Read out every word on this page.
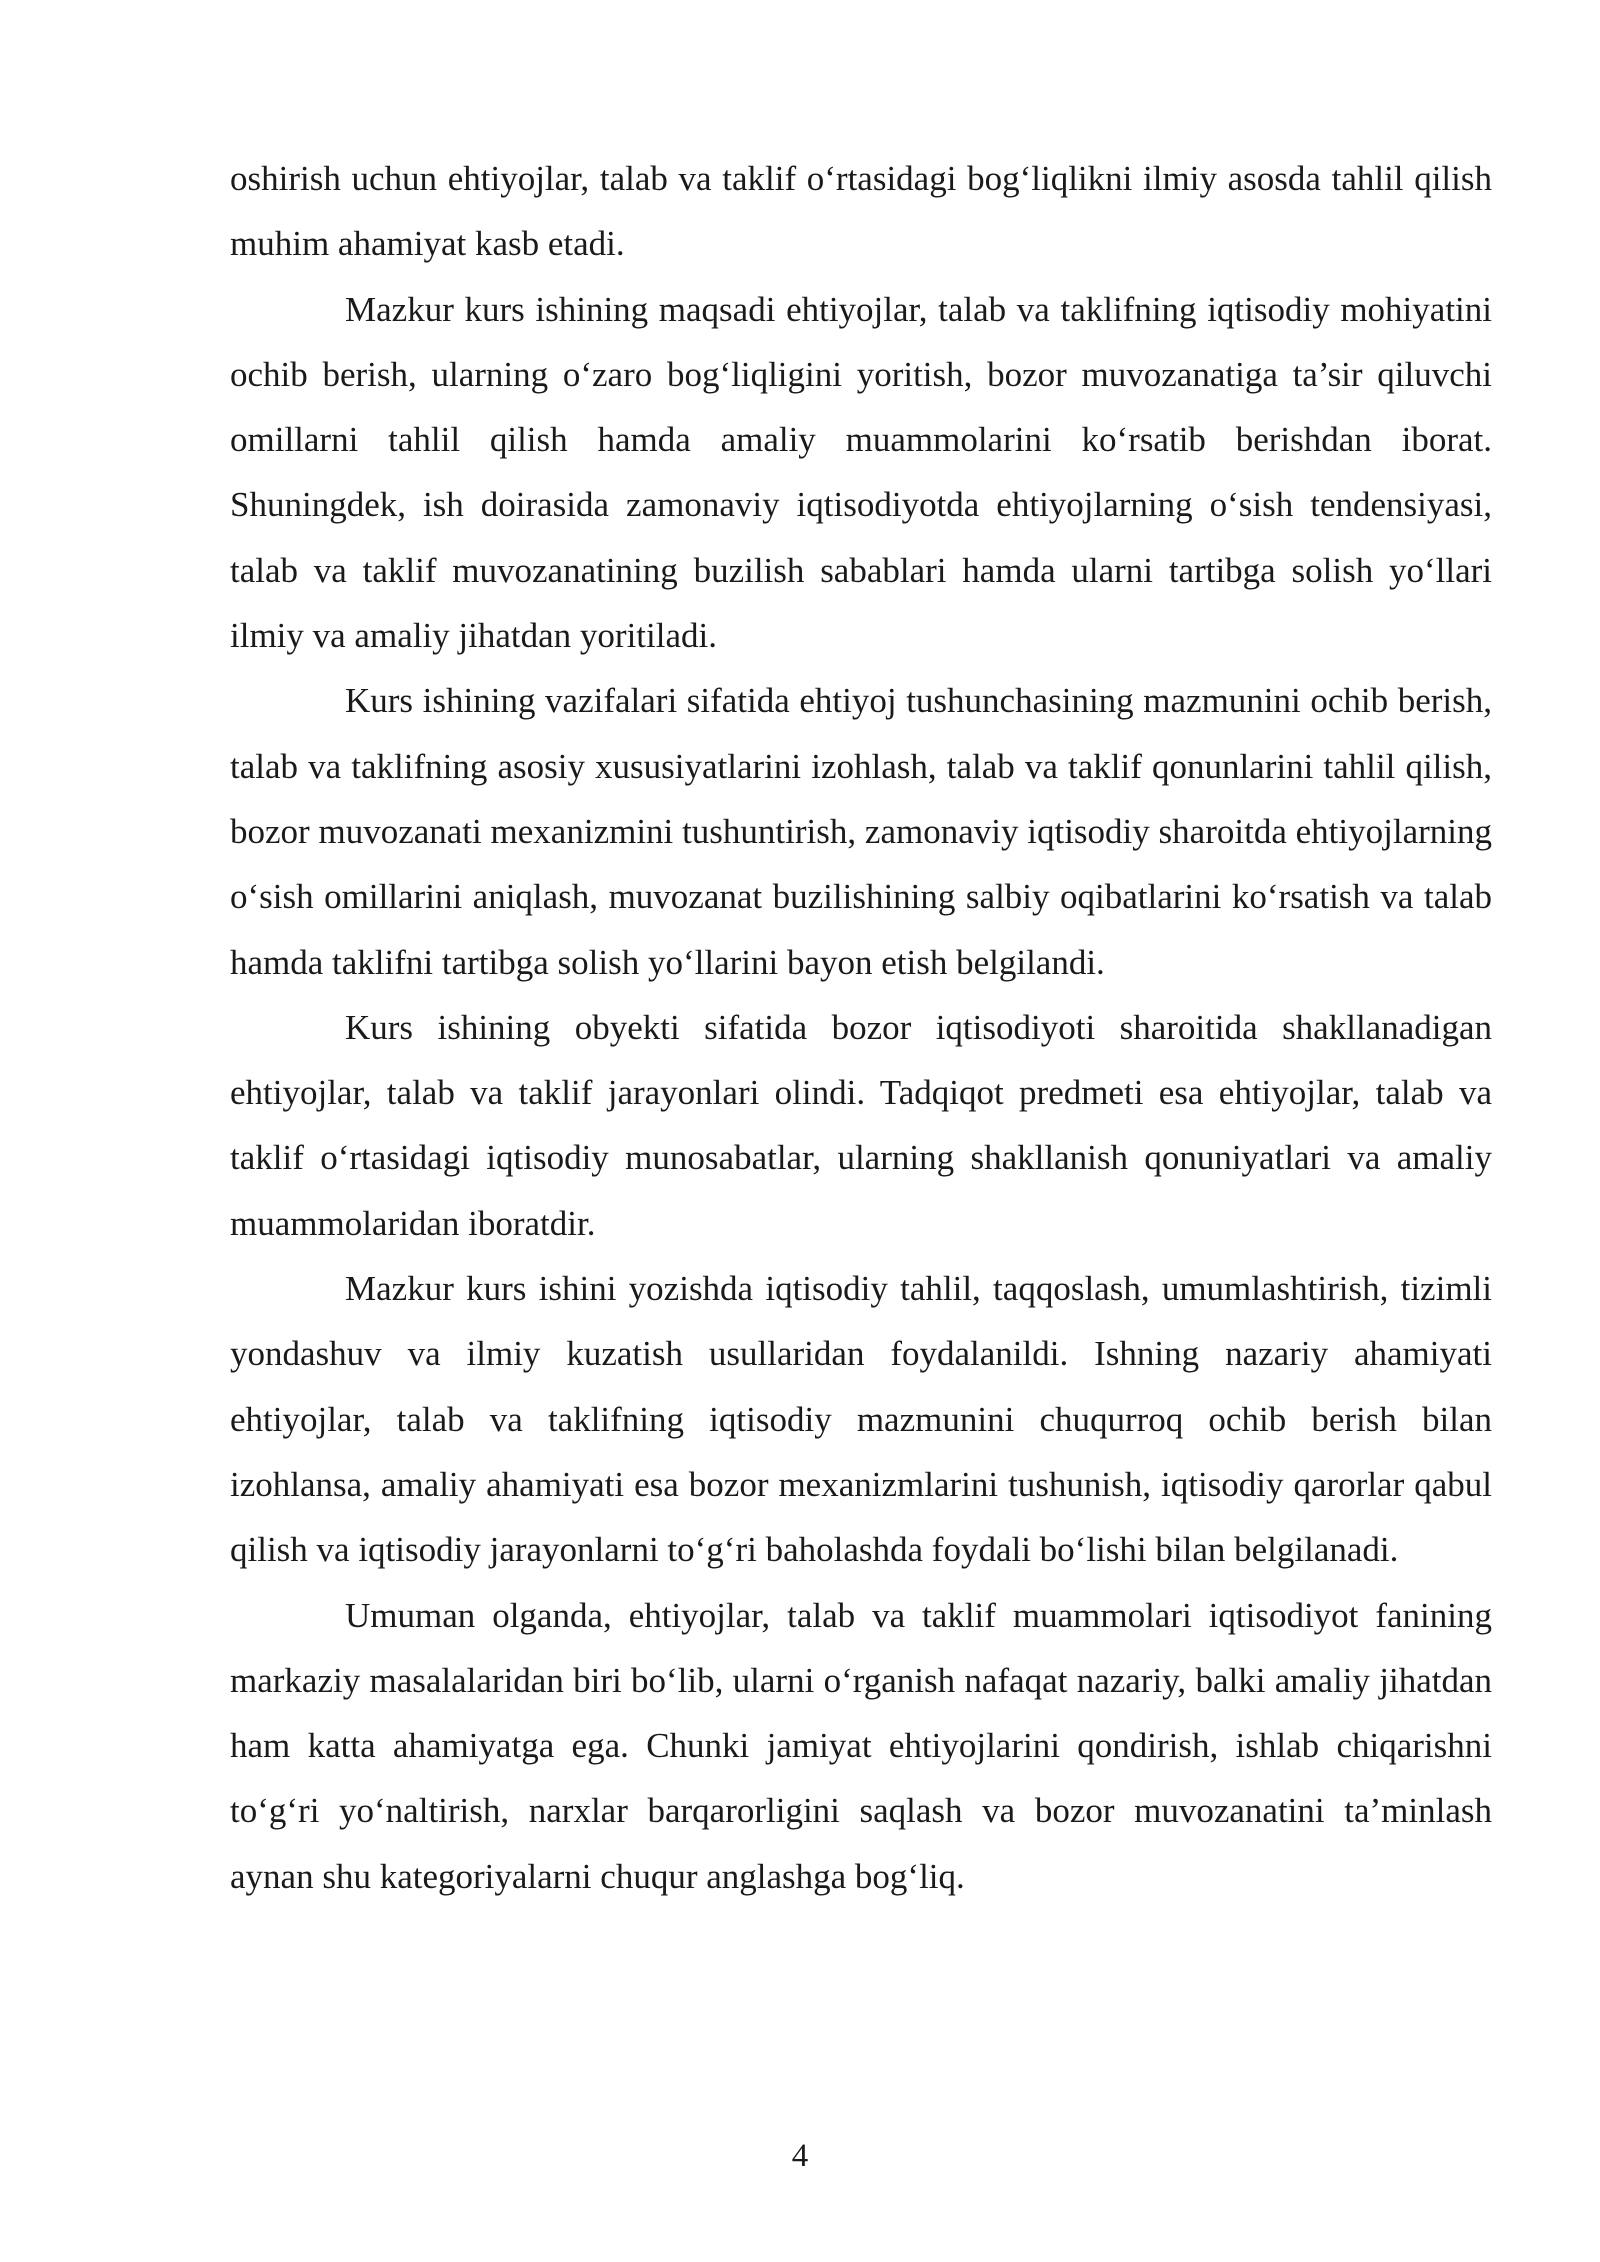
oshirish uchun ehtiyojlar, talab va taklif o‘rtasidagi bog‘liqlikni ilmiy asosda tahlil qilish muhim ahamiyat kasb etadi.

Mazkur kurs ishining maqsadi ehtiyojlar, talab va taklifning iqtisodiy mohiyatini ochib berish, ularning o‘zaro bog‘liqligini yoritish, bozor muvozanatiga ta’sir qiluvchi omillarni tahlil qilish hamda amaliy muammolarini ko‘rsatib berishdan iborat. Shuningdek, ish doirasida zamonaviy iqtisodiyotda ehtiyojlarning o‘sish tendensiyasi, talab va taklif muvozanatining buzilish sabablari hamda ularni tartibga solish yo‘llari ilmiy va amaliy jihatdan yoritiladi.

Kurs ishining vazifalari sifatida ehtiyoj tushunchasining mazmunini ochib berish, talab va taklifning asosiy xususiyatlarini izohlash, talab va taklif qonunlarini tahlil qilish, bozor muvozanati mexanizmini tushuntirish, zamonaviy iqtisodiy sharoitda ehtiyojlarning o‘sish omillarini aniqlash, muvozanat buzilishining salbiy oqibatlarini ko‘rsatish va talab hamda taklifni tartibga solish yo‘llarini bayon etish belgilandi.

Kurs ishining obyekti sifatida bozor iqtisodiyoti sharoitida shakllanadigan ehtiyojlar, talab va taklif jarayonlari olindi. Tadqiqot predmeti esa ehtiyojlar, talab va taklif o‘rtasidagi iqtisodiy munosabatlar, ularning shakllanish qonuniyatlari va amaliy muammolaridan iboratdir.

Mazkur kurs ishini yozishda iqtisodiy tahlil, taqqoslash, umumlashtirish, tizimli yondashuv va ilmiy kuzatish usullaridan foydalanildi. Ishning nazariy ahamiyati ehtiyojlar, talab va taklifning iqtisodiy mazmunini chuqurroq ochib berish bilan izohlansa, amaliy ahamiyati esa bozor mexanizmlarini tushunish, iqtisodiy qarorlar qabul qilish va iqtisodiy jarayonlarni to‘g‘ri baholashda foydali bo‘lishi bilan belgilanadi.

Umuman olganda, ehtiyojlar, talab va taklif muammolari iqtisodiyot fanining markaziy masalalaridan biri bo‘lib, ularni o‘rganish nafaqat nazariy, balki amaliy jihatdan ham katta ahamiyatga ega. Chunki jamiyat ehtiyojlarini qondirish, ishlab chiqarishni to‘g‘ri yo‘naltirish, narxlar barqarorligini saqlash va bozor muvozanatini ta’minlash aynan shu kategoriyalarni chuqur anglashga bog‘liq.

4
